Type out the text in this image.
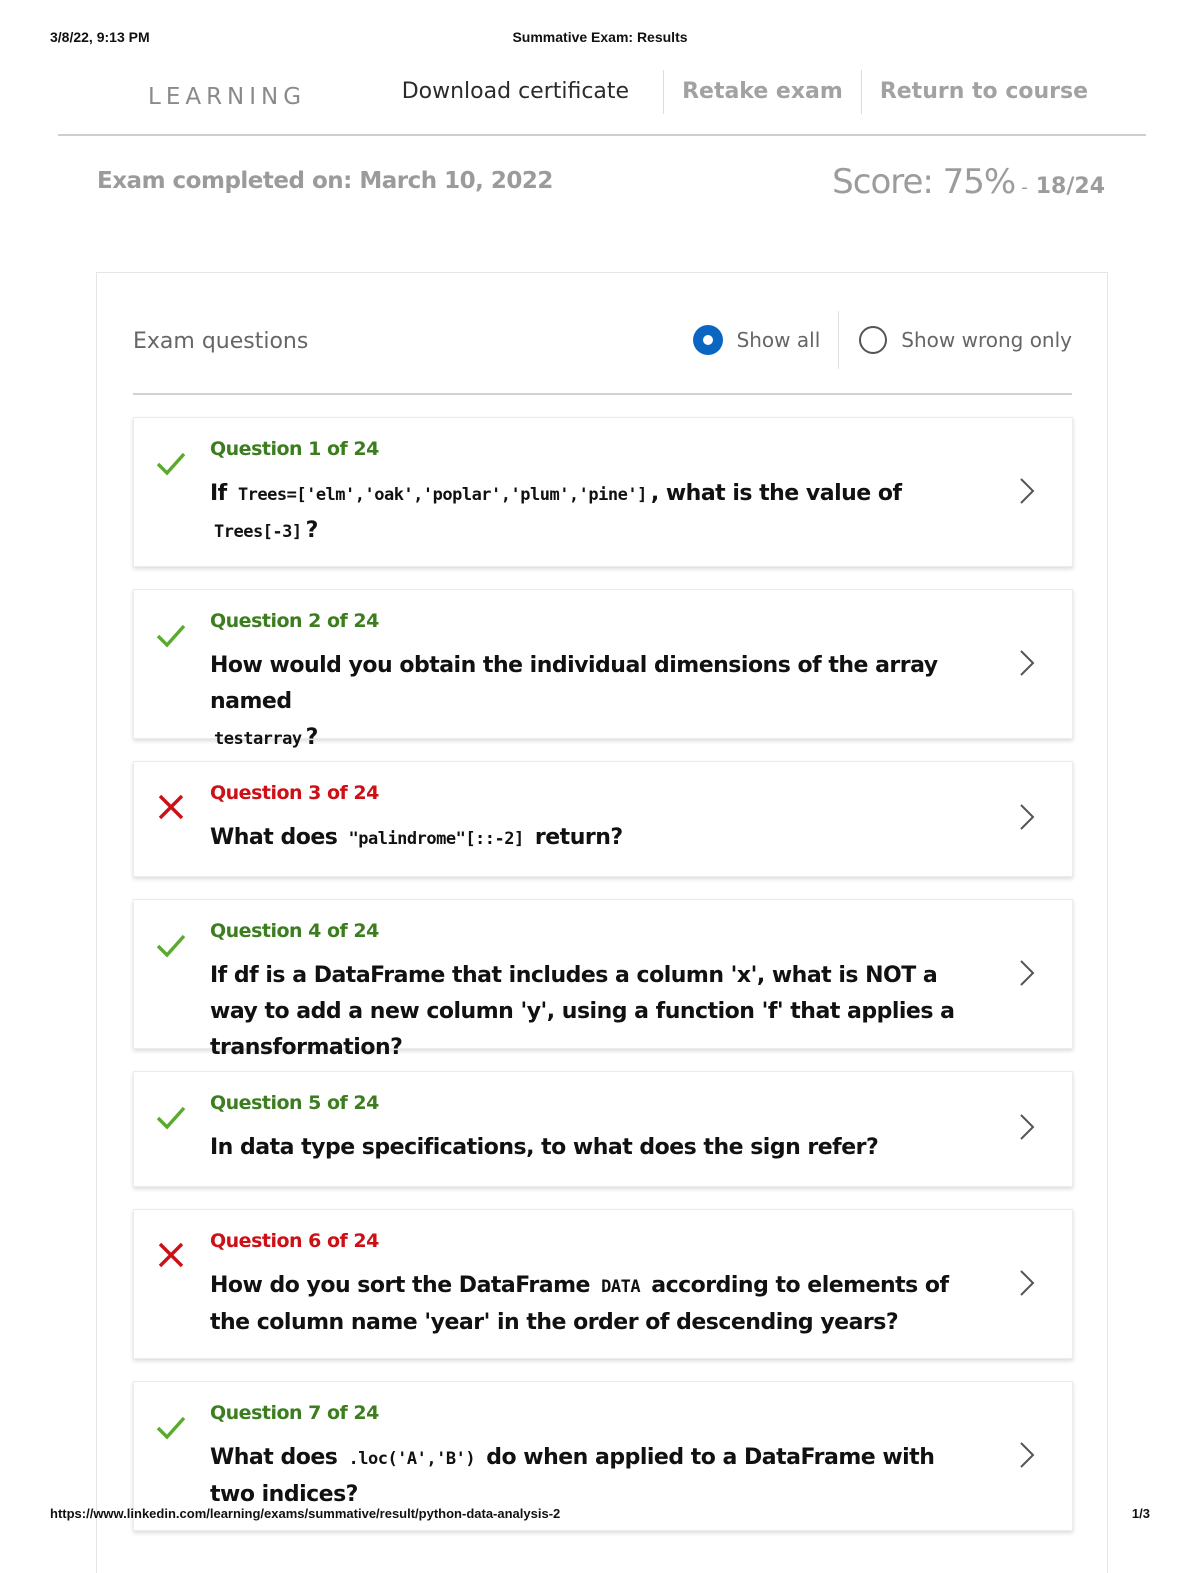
3/8/22, 9:13 PM	Summative Exam: Results
LEARNING	Download certificate	Retake exam	Return to course
Exam completed on: March 10, 2022	Score: 75% - 18/24
Exam questions	Show all	Show wrong only
Question 1 of 24
If Trees=['elm','oak','poplar','plum','pine'] , what is the value of
Trees[-3] ?
Question 2 of 24
How would you obtain the individual dimensions of the array named
testarray ?
Question 3 of 24
What does "palindrome"[::-2] return?
Question 4 of 24
If df is a DataFrame that includes a column 'x', what is NOT a way to add a new column 'y', using a function 'f' that applies a transformation?
Question 5 of 24
In data type specifications, to what does the sign refer?
Question 6 of 24
How do you sort the DataFrame DATA according to elements of the column name 'year' in the order of descending years?
Question 7 of 24
What does .loc('A','B') do when applied to a DataFrame with two indices?
https://www.linkedin.com/learning/exams/summative/result/python-data-analysis-2	1/3
